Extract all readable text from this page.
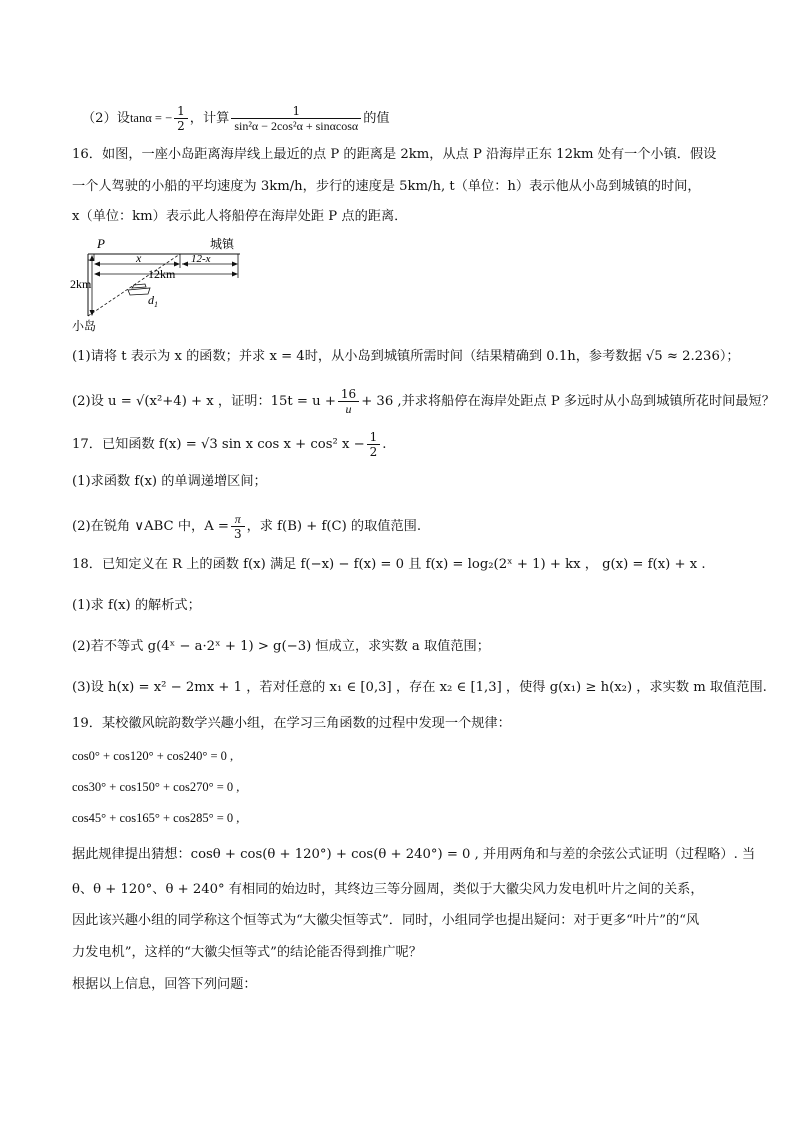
（2）设tanα = − $\frac{1}{2}$ ，计算 $\frac{1}{\text{sin²α − 2cos²α + sinαcosα}}$ 的值
16．如图，一座小岛距离海岸线上最近的点 P 的距离是 2km，从点 P 沿海岸正东 12km 处有一个小镇．假设
一个人驾驶的小船的平均速度为 3km/h，步行的速度是 5km/h, t（单位：h）表示他从小岛到城镇的时间，
x（单位：km）表示此人将船停在海岸处距 P 点的距离．
P	城镇
x	12-x
12km
2km
$d_1$
小岛
(1)请将 t 表示为 x 的函数；并求 x = 4时，从小岛到城镇所需时间（结果精确到 0.1h，参考数据 √5 ≈ 2.236）；
(2)设 u = √(x²+4) + x ，证明：$15t = u + \frac{16}{u} + 36$ ,并求将船停在海岸处距点 P 多远时从小岛到城镇所花时间最短？
17．已知函数 f(x) = √3 sin x cos x + cos² $x - \frac{1}{2}$ .
(1)求函数 f(x) 的单调递增区间；
(2)在锐角 ∨ABC 中，$A = \frac{\pi}{3}$ ，求 f(B) + f(C) 的取值范围.
18．已知定义在 R 上的函数 f(x) 满足 f(−x) − f(x) = 0 且 f(x) = log₂(2ˣ + 1) + kx ， g(x) = f(x) + x .
(1)求 f(x) 的解析式；
(2)若不等式 g(4ˣ − a·2ˣ + 1) > g(−3) 恒成立，求实数 a 取值范围；
(3)设 h(x) = x² − 2mx + 1 ，若对任意的 x₁ ∈ [0,3] ，存在 x₂ ∈ [1,3] ，使得 g(x₁) ≥ h(x₂) ，求实数 m 取值范围.
19．某校徽风皖韵数学兴趣小组，在学习三角函数的过程中发现一个规律：
cos0° + cos120° + cos240° = 0 ,
cos30° + cos150° + cos270° = 0 ,
cos45° + cos165° + cos285° = 0 ,
据此规律提出猜想：cosθ + cos(θ + 120°) + cos(θ + 240°) = 0 , 并用两角和与差的余弦公式证明（过程略）. 当
θ、θ + 120°、θ + 240° 有相同的始边时，其终边三等分圆周，类似于大徽尖风力发电机叶片之间的关系，
因此该兴趣小组的同学称这个恒等式为“大徽尖恒等式”．同时，小组同学也提出疑问：对于更多“叶片”的“风
力发电机”，这样的“大徽尖恒等式”的结论能否得到推广呢？
根据以上信息，回答下列问题：
